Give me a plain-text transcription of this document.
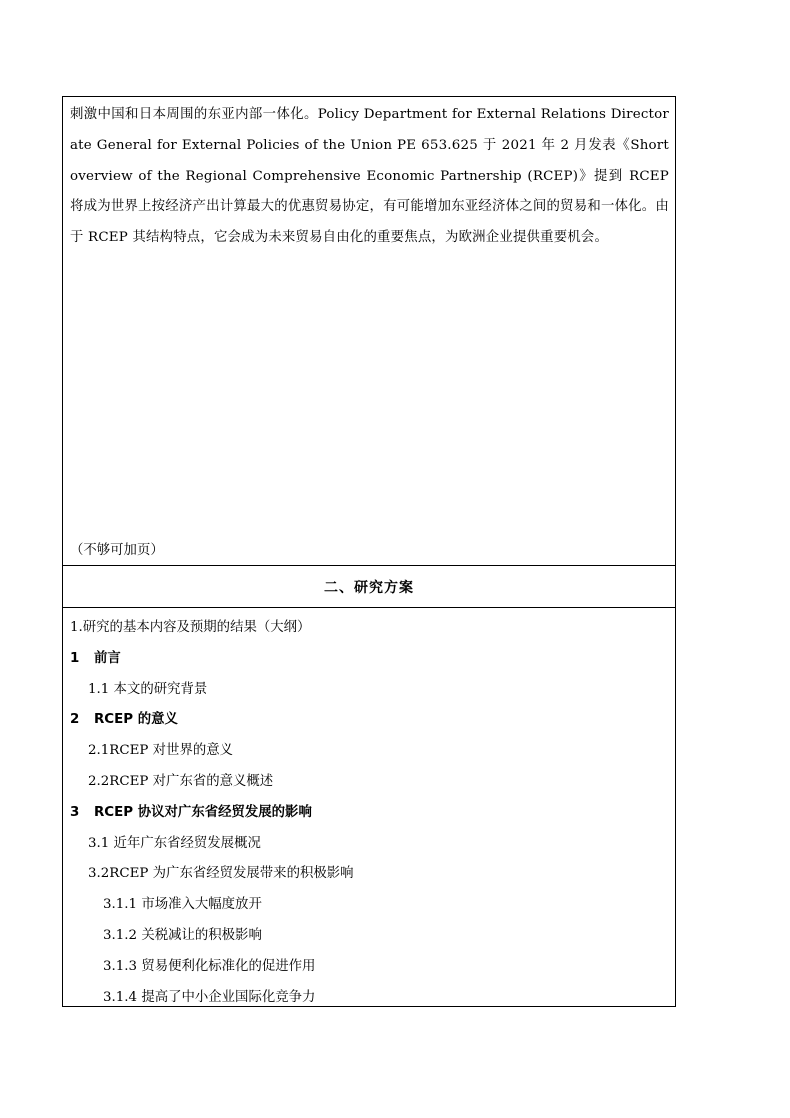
刺激中国和日本周围的东亚内部一体化。Policy Department for External Relations Directorate General for External Policies of the Union PE 653.625 于 2021 年 2 月发表《Short overview of the Regional Comprehensive Economic Partnership (RCEP)》提到 RCEP 将成为世界上按经济产出计算最大的优惠贸易协定，有可能增加东亚经济体之间的贸易和一体化。由于 RCEP 其结构特点，它会成为未来贸易自由化的重要焦点，为欧洲企业提供重要机会。

（不够可加页）
二、研究方案
1.研究的基本内容及预期的结果（大纲）
1 前言
1.1 本文的研究背景
2 RCEP 的意义
2.1RCEP 对世界的意义
2.2RCEP 对广东省的意义概述
3 RCEP 协议对广东省经贸发展的影响
3.1 近年广东省经贸发展概况
3.2RCEP 为广东省经贸发展带来的积极影响
3.1.1 市场准入大幅度放开
3.1.2 关税减让的积极影响
3.1.3 贸易便利化标准化的促进作用
3.1.4 提高了中小企业国际化竞争力
